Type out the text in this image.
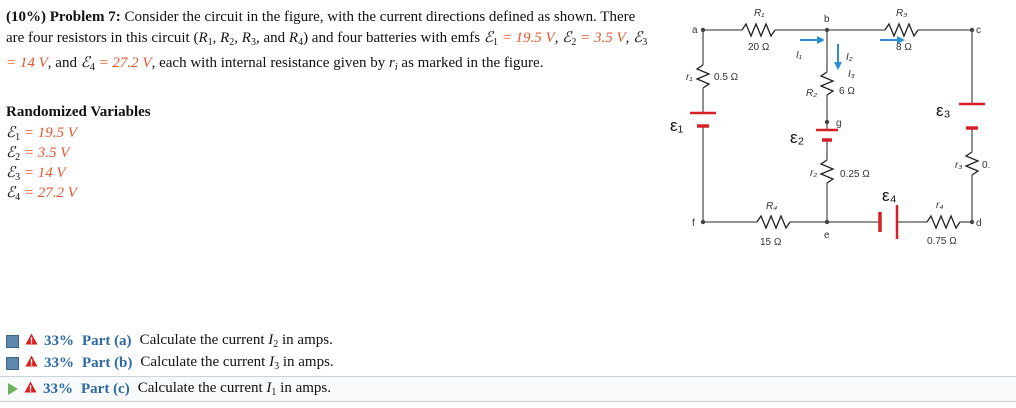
(10%) Problem 7: Consider the circuit in the figure, with the current directions defined as shown. There are four resistors in this circuit ($R_1$, $R_2$, $R_3$, and $R_4$) and four batteries with emfs ℰ$_1$ = 19.5 V, ℰ$_2$ = 3.5 V, ℰ$_3$ = 14 V, and ℰ$_4$ = 27.2 V, each with internal resistance given by $r_i$ as marked in the figure.
Randomized Variables
ℰ$_1$ = 19.5 V
ℰ$_2$ = 3.5 V
ℰ$_3$ = 14 V
ℰ$_4$ = 27.2 V
a
b
c
d
e
f
g
R₁
20 Ω
R₃
8 Ω
R₂ 6 Ω
R₄
15 Ω
r₁ 0.5 Ω
r₂ 0.25 Ω
r₃ 0.
r₄
0.75 Ω
I₁	I₂
I₃
ε₁
ε₂
ε₃
ε₄
33% Part (a) Calculate the current $I_2$ in amps.
33% Part (b) Calculate the current $I_3$ in amps.
33% Part (c) Calculate the current $I_1$ in amps.
